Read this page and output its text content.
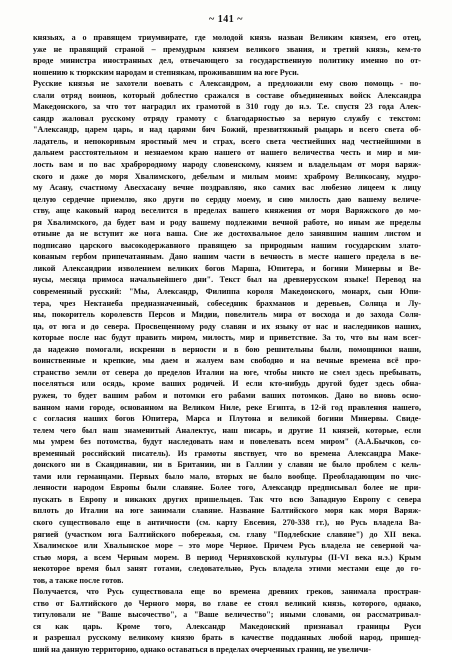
~ 141 ~
князьях, а о правящем триумвирате, где молодой князь назван Великим князем, его отец,
уже не правящий страной – премудрым князем великого звания, и третий князь, кем-то
вроде министра иностранных дел, отвечающего за государственную политику именно по от-
ношению к тюркским народам и степнякам, проживавшим на юге Руси.
Русские князья не захотели воевать с Александром, а предложили ему свою помощь - по-
слали отряд воинов, который доблестно сражался в составе объединенных войск Александра
Македонского, за что тот наградил их грамотой в 310 году до н.э. Т.е. спустя 23 года Алек-
сандр жаловал русскому отряду грамоту с благодарностью за верную службу с текстом:
"Александр, царем царь, и над царями бич Божий, презвитяжный рыцарь и всего света об-
ладатель, и непокоривым яростный меч и страх, всего света честнейших над честнейшими в
дальнем расстоятельном и незнаемом краю нашего от нашего величества честь и мир и ми-
лость вам и по вас храброродному народу словенскому, князем и владельцам от моря варяж-
ского и даже до моря Хвалимского, дебелым и милым моим: храброму Великосану, мудро-
му Асану, счастному Авесхасану вечне поздравляю, яко самих вас любезно лицеем к лицу
целую сердечне приемлю, яко други по сердцу моему, и сию милость даю вашему величе-
ству, аще каковый народ веселится в пределах вашего княжения от моря Варяжского до мо-
ря Хвалимского, да будет вам и роду вашему подлежими вечной работе, но иным же пределы
отныне да не вступит же нога ваша. Сие же достохвальное дело занявшим нашим листом и
подписано царского высокодержавного правящею за природным нашим государским злато-
кованым гербом припечатанным. Дано нашим части в вечность в месте нашего предела в ве-
ликой Александрии изволением великих богов Марша, Юпитера, и богини Минервы и Ве-
нусы, месяца примоса начальнейшего дни". Текст был на древнерусском языке! Перевод на
современный русский: "Мы, Александр, Филиппа короля Македонского, монарх, сын Юпи-
тера, чрез Нектанеба предназначенный, собеседник брахманов и деревьев, Солнца и Лу-
ны, покоритель королевств Персов и Мидии, повелитель мира от восхода и до захода Солн-
ца, от юга и до севера. Просвещенному роду славян и их языку от нас и наследников наших,
которые после нас будут править миром, милость, мир и приветствие. За то, что вы нам всег-
да надежно помогали, искренни в верности и в бою решительны были, помощники наши,
воинственные и крепкие, мы даем и жалуем вам свободно и на вечные времена всё про-
странство земли от севера до пределов Италии на юге, чтобы никто не смел здесь пребывать,
поселяться или осядь, кроме ваших родичей. И если кто-нибудь другой будет здесь обна-
ружен, то будет вашим рабом и потомки его рабами ваших потомков. Дано во вновь осно-
ванном нами городе, основанном на Великом Ниле, реке Египта, в 12-й год правления нашего,
с согласия наших богов Юпитера, Марса и Плутона и великой богини Минервы. Свиде-
телем чего был наш знаменитый Аналектус, наш писарь, и другие 11 князей, которые, если
мы умрем без потомства, будут наследовать нам и повелевать всем миром" (А.А.Бычков, со-
временный российский писатель). Из грамоты явствует, что во времена Александра Маке-
донского ни в Скандинавии, ни в Британии, ни в Галлии у славян не было проблем с кель-
тами или германцами. Первых было мало, вторых не было вообще. Преобладающим по чис-
ленности народом Европы были славяне. Более того, Александр предписывал более не при-
пускать в Европу и никаких других пришельцев. Так что всю Западную Европу с севера
вплоть до Италии на юге занимали славяне. Название Балтийского моря как моря Варяж-
ского существовало еще в античности (см. карту Евсевия, 270-338 гг.), но Русь владела Ва-
рягией (участком юга Балтийского побережья, см. главу "Подлебские славяне") до XII века.
Хвалимское или Хвалынское море – это море Черное. Причем Русь владела не северной ча-
стью моря, а всем Черным морем. В период Черняховской культуры (II-VI века н.э.) Крым
некоторое время был занят готами, следовательно, Русь владела этими местами еще до го-
тов, а также после готов.
Получается, что Русь существовала еще во времена древних греков, занимала простран-
ство от Балтийского до Черного моря, во главе ее стоял великий князь, которого, однако,
титуловали не "Ваше высочество", а "Ваше величество"; иными словами, он рассматривал-
ся как царь. Кроме того, Александр Македонский признавал границы Руси
и разрешал русскому великому князю брать в качестве подданных любой народ, пришед-
ший на данную территорию, однако оставаться в пределах очерченных границ, не увеличи-
